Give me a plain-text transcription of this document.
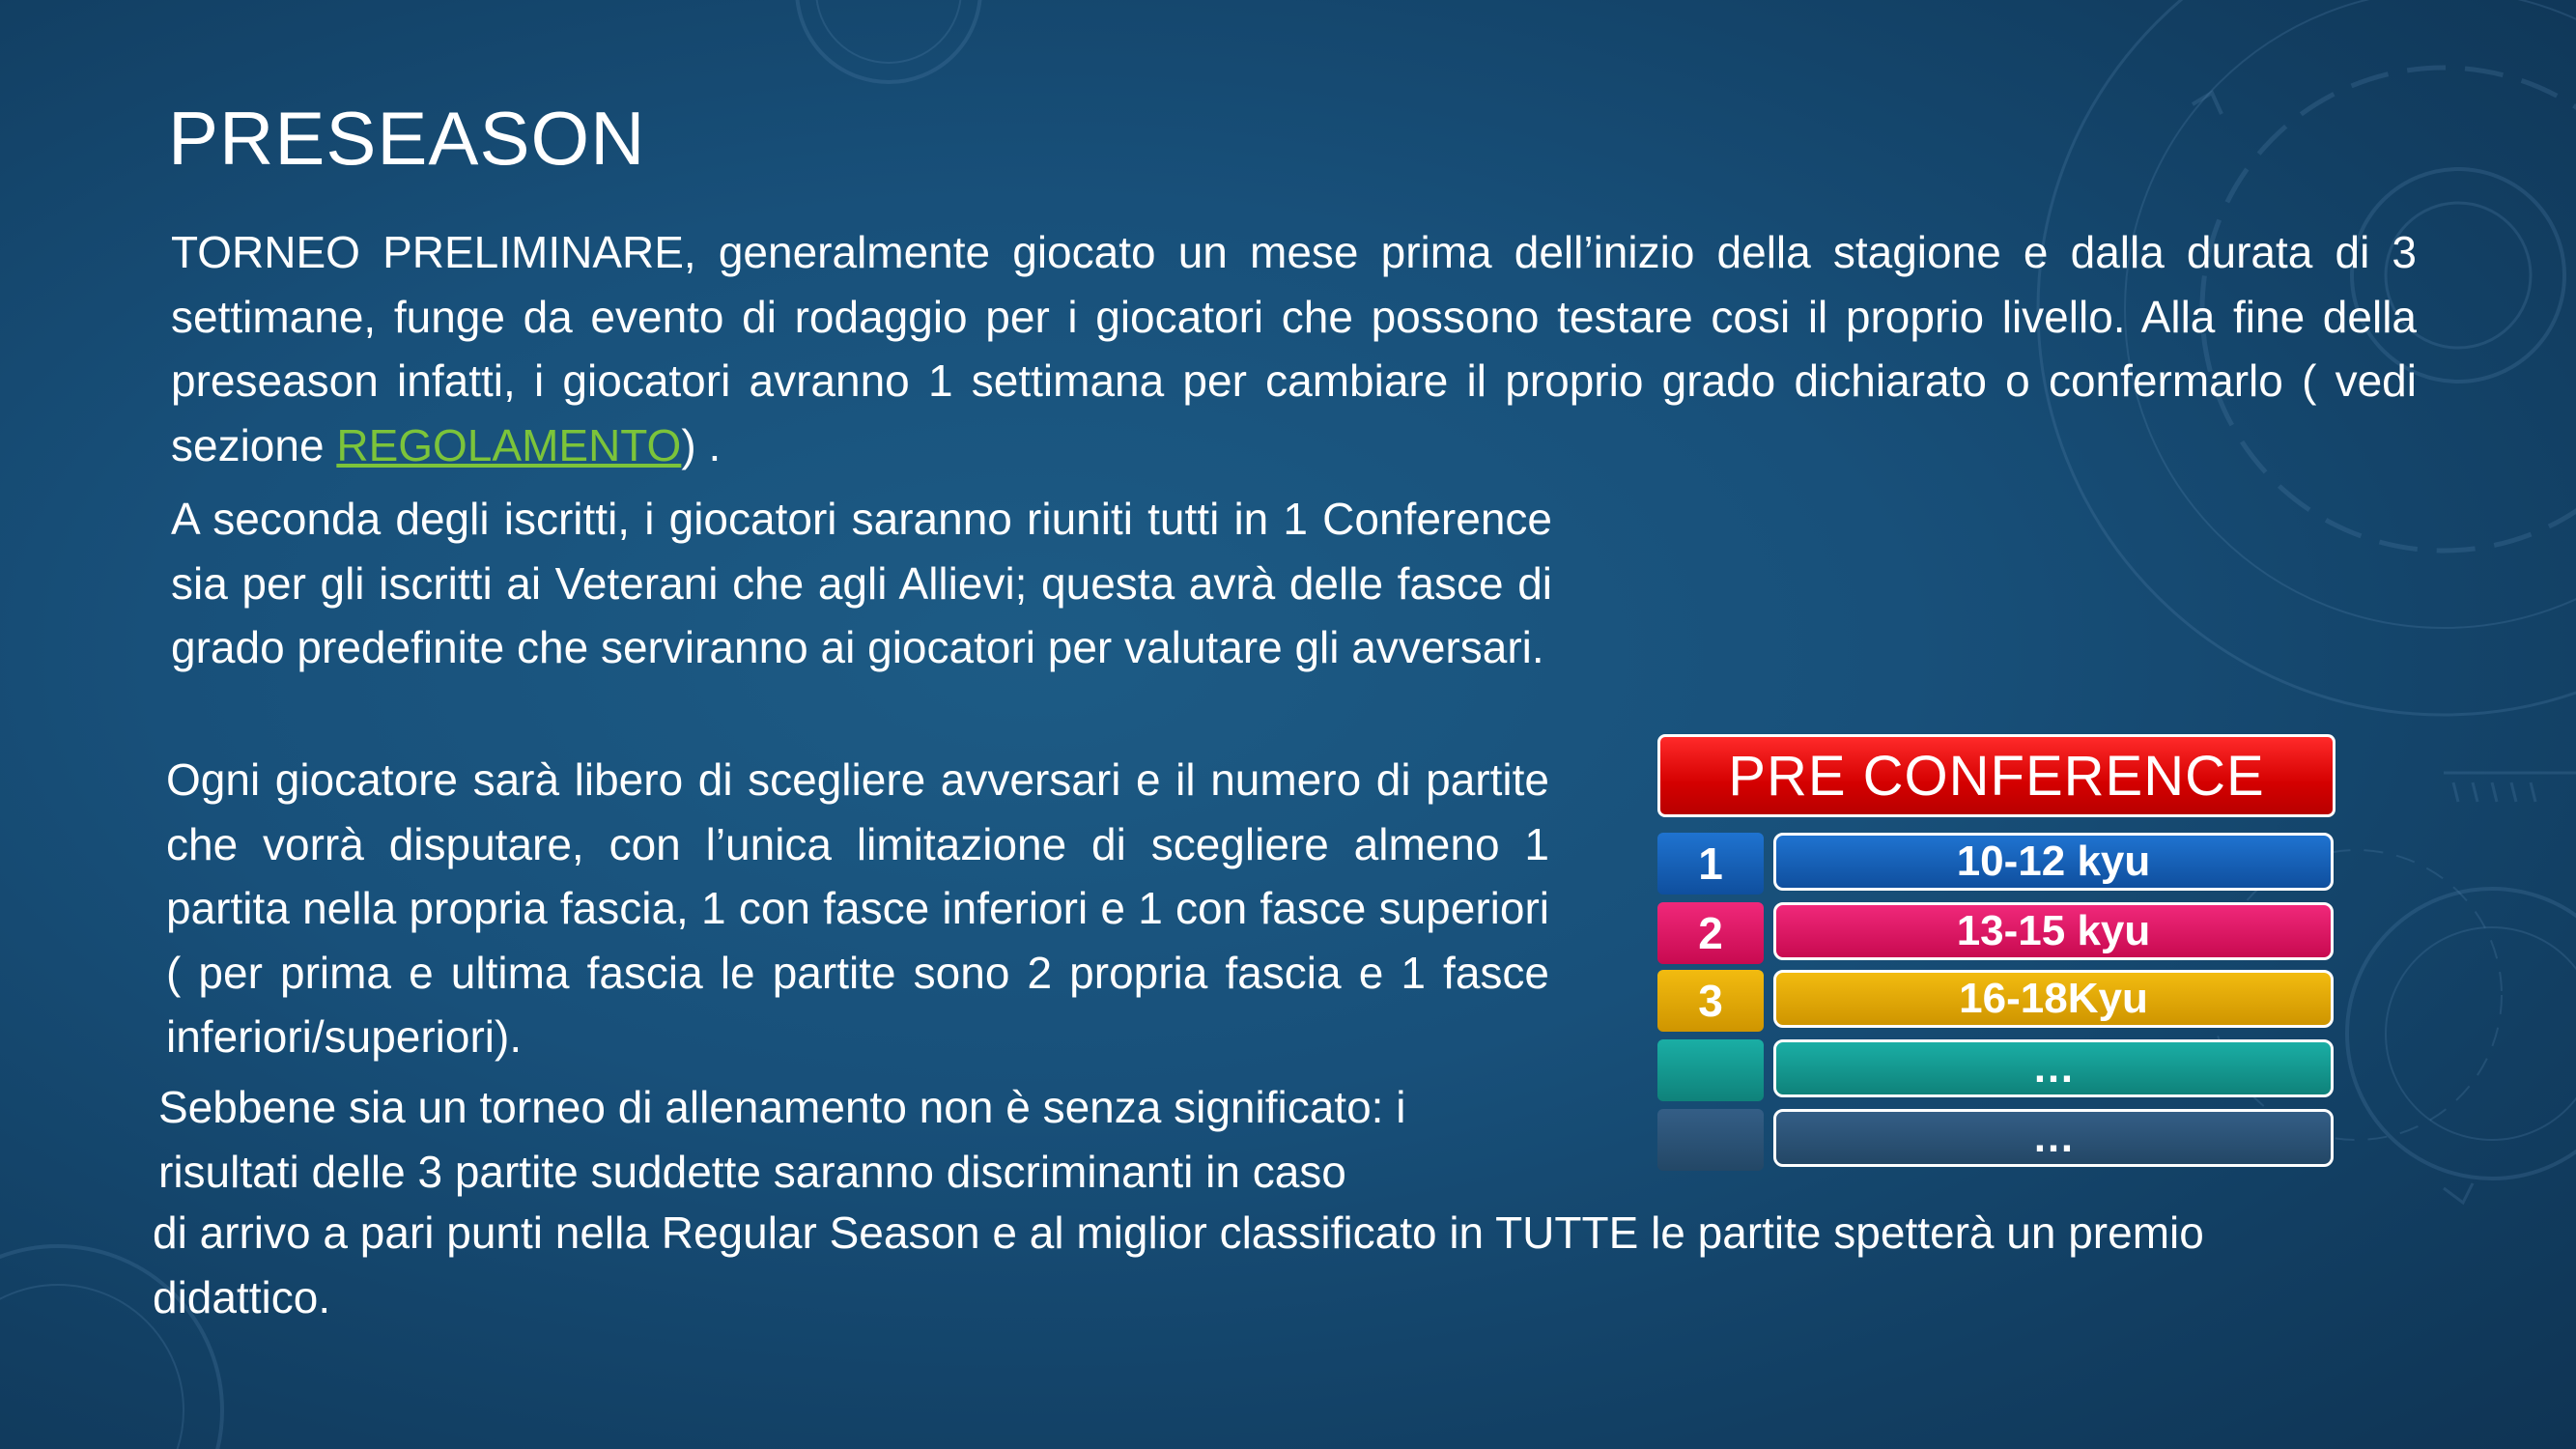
PRESEASON

TORNEO PRELIMINARE, generalmente giocato un mese prima dell’inizio della stagione e dalla durata di 3 settimane, funge da evento di rodaggio per i giocatori che possono testare cosi il proprio livello. Alla fine della preseason infatti, i giocatori avranno 1 settimana per cambiare il proprio grado dichiarato o confermarlo ( vedi sezione REGOLAMENTO) .

A seconda degli iscritti, i giocatori saranno riuniti tutti in 1 Conference sia per gli iscritti ai Veterani che agli Allievi; questa avrà delle fasce di grado predefinite che serviranno ai giocatori per valutare gli avversari.

Ogni giocatore sarà libero di scegliere avversari e il numero di partite che vorrà disputare, con l’unica limitazione di scegliere almeno 1 partita nella propria fascia, 1 con fasce inferiori e 1 con fasce superiori ( per prima e ultima fascia le partite sono 2 propria fascia e 1 fasce inferiori/superiori).

Sebbene sia un torneo di allenamento non è senza significato: i risultati delle 3 partite suddette saranno discriminanti in caso

di arrivo a pari punti nella Regular Season e al miglior classificato in TUTTE le partite spetterà un premio didattico.

PRE CONFERENCE
1	10-12 kyu
2	13-15 kyu
3	16-18Kyu
…
…
